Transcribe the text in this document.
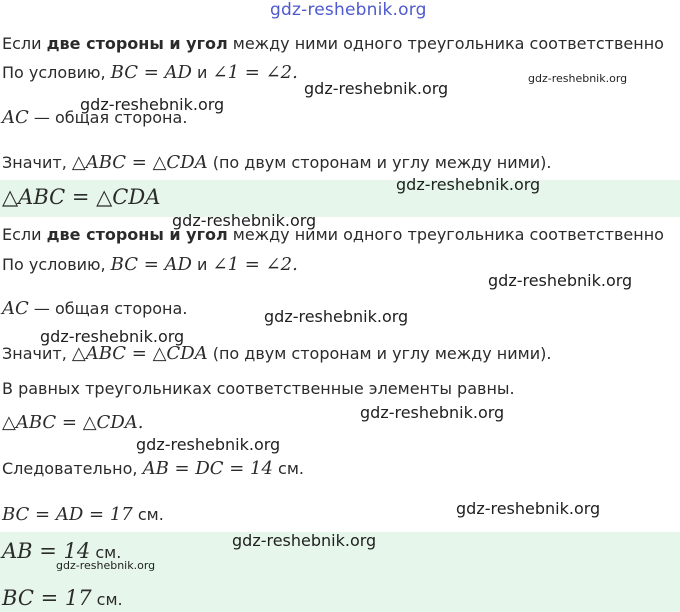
gdz-reshebnik.org
Если две стороны и угол между ними одного треугольника соответственно
По условию, BC = AD и ∠1 = ∠2.
AC — общая сторона.
Значит, △ABC = △CDA (по двум сторонам и углу между ними).
△ABC = △CDA
Если две стороны и угол между ними одного треугольника соответственно
По условию, BC = AD и ∠1 = ∠2.
AC — общая сторона.
Значит, △ABC = △CDA (по двум сторонам и углу между ними).
В равных треугольниках соответственные элементы равны.
△ABC = △CDA.
Следовательно, AB = DC = 14 см.
BC = AD = 17 см.
AB = 14 см.
BC = 17 см.
gdz-reshebnik.org
gdz-reshebnik.org
gdz-reshebnik.org
gdz-reshebnik.org
gdz-reshebnik.org
gdz-reshebnik.org
gdz-reshebnik.org
gdz-reshebnik.org
gdz-reshebnik.org
gdz-reshebnik.org
gdz-reshebnik.org
gdz-reshebnik.org
gdz-reshebnik.org
